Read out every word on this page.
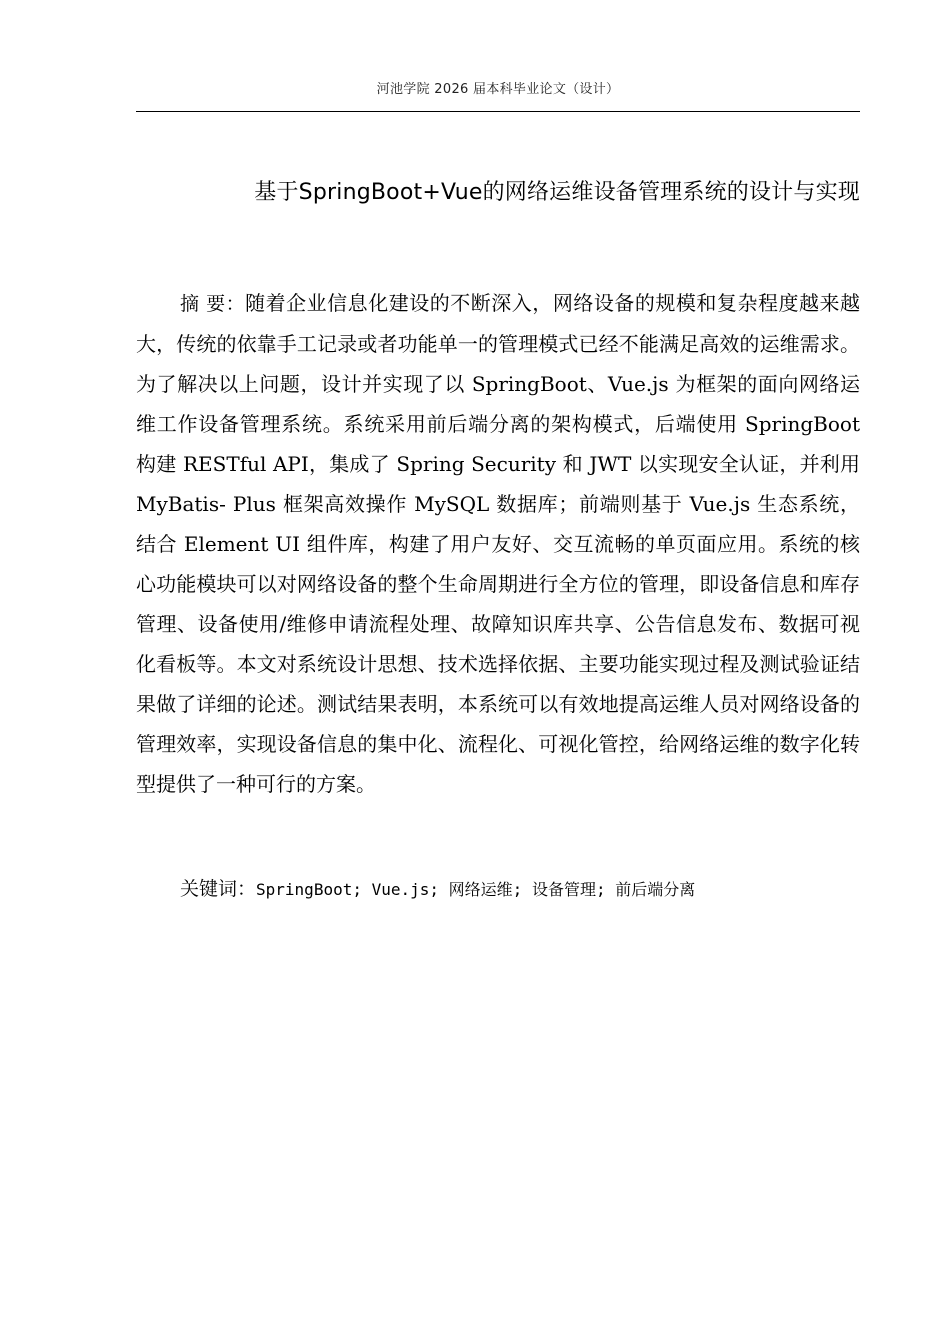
河池学院 2026 届本科毕业论文（设计）
基于SpringBoot+Vue的网络运维设备管理系统的设计与实现

摘 要：随着企业信息化建设的不断深入，网络设备的规模和复杂程度越来越大，传统的依靠手工记录或者功能单一的管理模式已经不能满足高效的运维需求。为了解决以上问题，设计并实现了以 SpringBoot、Vue.js 为框架的面向网络运维工作设备管理系统。系统采用前后端分离的架构模式，后端使用 SpringBoot 构建 RESTful API，集成了 Spring Security 和 JWT 以实现安全认证，并利用 MyBatis- Plus 框架高效操作 MySQL 数据库；前端则基于 Vue.js 生态系统，结合 Element UI 组件库，构建了用户友好、交互流畅的单页面应用。系统的核心功能模块可以对网络设备的整个生命周期进行全方位的管理，即设备信息和库存管理、设备使用/维修申请流程处理、故障知识库共享、公告信息发布、数据可视化看板等。本文对系统设计思想、技术选择依据、主要功能实现过程及测试验证结果做了详细的论述。测试结果表明，本系统可以有效地提高运维人员对网络设备的管理效率，实现设备信息的集中化、流程化、可视化管控，给网络运维的数字化转型提供了一种可行的方案。

关键词：SpringBoot; Vue.js; 网络运维; 设备管理; 前后端分离
